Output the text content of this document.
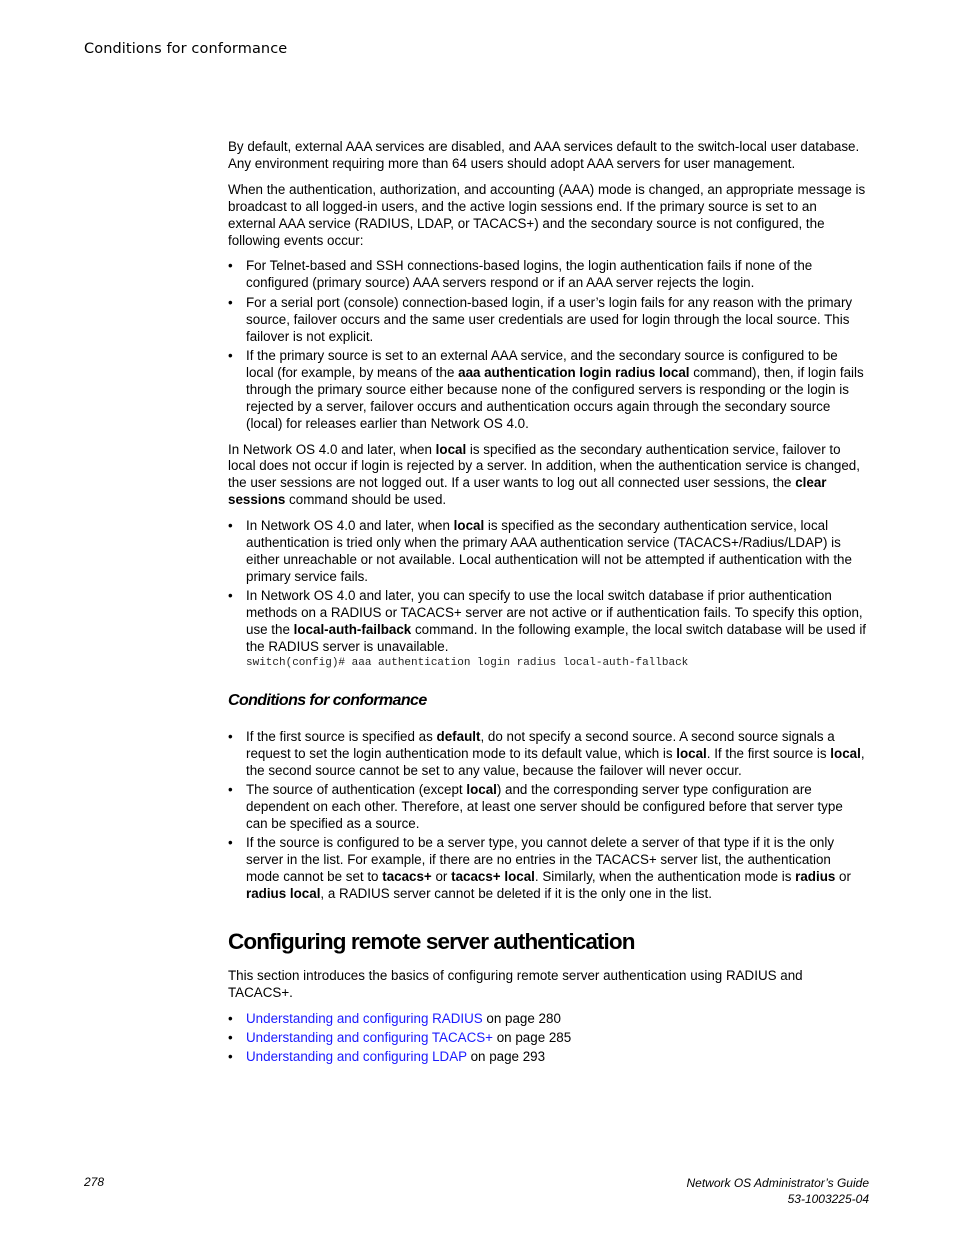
Conditions for conformance

By default, external AAA services are disabled, and AAA services default to the switch-local user database. Any environment requiring more than 64 users should adopt AAA servers for user management.

When the authentication, authorization, and accounting (AAA) mode is changed, an appropriate message is broadcast to all logged-in users, and the active login sessions end. If the primary source is set to an external AAA service (RADIUS, LDAP, or TACACS+) and the secondary source is not configured, the following events occur:

• For Telnet-based and SSH connections-based logins, the login authentication fails if none of the configured (primary source) AAA servers respond or if an AAA server rejects the login.
• For a serial port (console) connection-based login, if a user’s login fails for any reason with the primary source, failover occurs and the same user credentials are used for login through the local source. This failover is not explicit.
• If the primary source is set to an external AAA service, and the secondary source is configured to be local (for example, by means of the aaa authentication login radius local command), then, if login fails through the primary source either because none of the configured servers is responding or the login is rejected by a server, failover occurs and authentication occurs again through the secondary source (local) for releases earlier than Network OS 4.0.

In Network OS 4.0 and later, when local is specified as the secondary authentication service, failover to local does not occur if login is rejected by a server. In addition, when the authentication service is changed, the user sessions are not logged out. If a user wants to log out all connected user sessions, the clear sessions command should be used.

• In Network OS 4.0 and later, when local is specified as the secondary authentication service, local authentication is tried only when the primary AAA authentication service (TACACS+/Radius/LDAP) is either unreachable or not available. Local authentication will not be attempted if authentication with the primary service fails.
• In Network OS 4.0 and later, you can specify to use the local switch database if prior authentication methods on a RADIUS or TACACS+ server are not active or if authentication fails. To specify this option, use the local-auth-failback command. In the following example, the local switch database will be used if the RADIUS server is unavailable.
switch(config)# aaa authentication login radius local-auth-fallback
Conditions for conformance
• If the first source is specified as default, do not specify a second source. A second source signals a request to set the login authentication mode to its default value, which is local. If the first source is local, the second source cannot be set to any value, because the failover will never occur.
• The source of authentication (except local) and the corresponding server type configuration are dependent on each other. Therefore, at least one server should be configured before that server type can be specified as a source.
• If the source is configured to be a server type, you cannot delete a server of that type if it is the only server in the list. For example, if there are no entries in the TACACS+ server list, the authentication mode cannot be set to tacacs+ or tacacs+ local. Similarly, when the authentication mode is radius or radius local, a RADIUS server cannot be deleted if it is the only one in the list.
Configuring remote server authentication

This section introduces the basics of configuring remote server authentication using RADIUS and TACACS+.

• Understanding and configuring RADIUS on page 280
• Understanding and configuring TACACS+ on page 285
• Understanding and configuring LDAP on page 293
278	Network OS Administrator’s Guide
53-1003225-04
